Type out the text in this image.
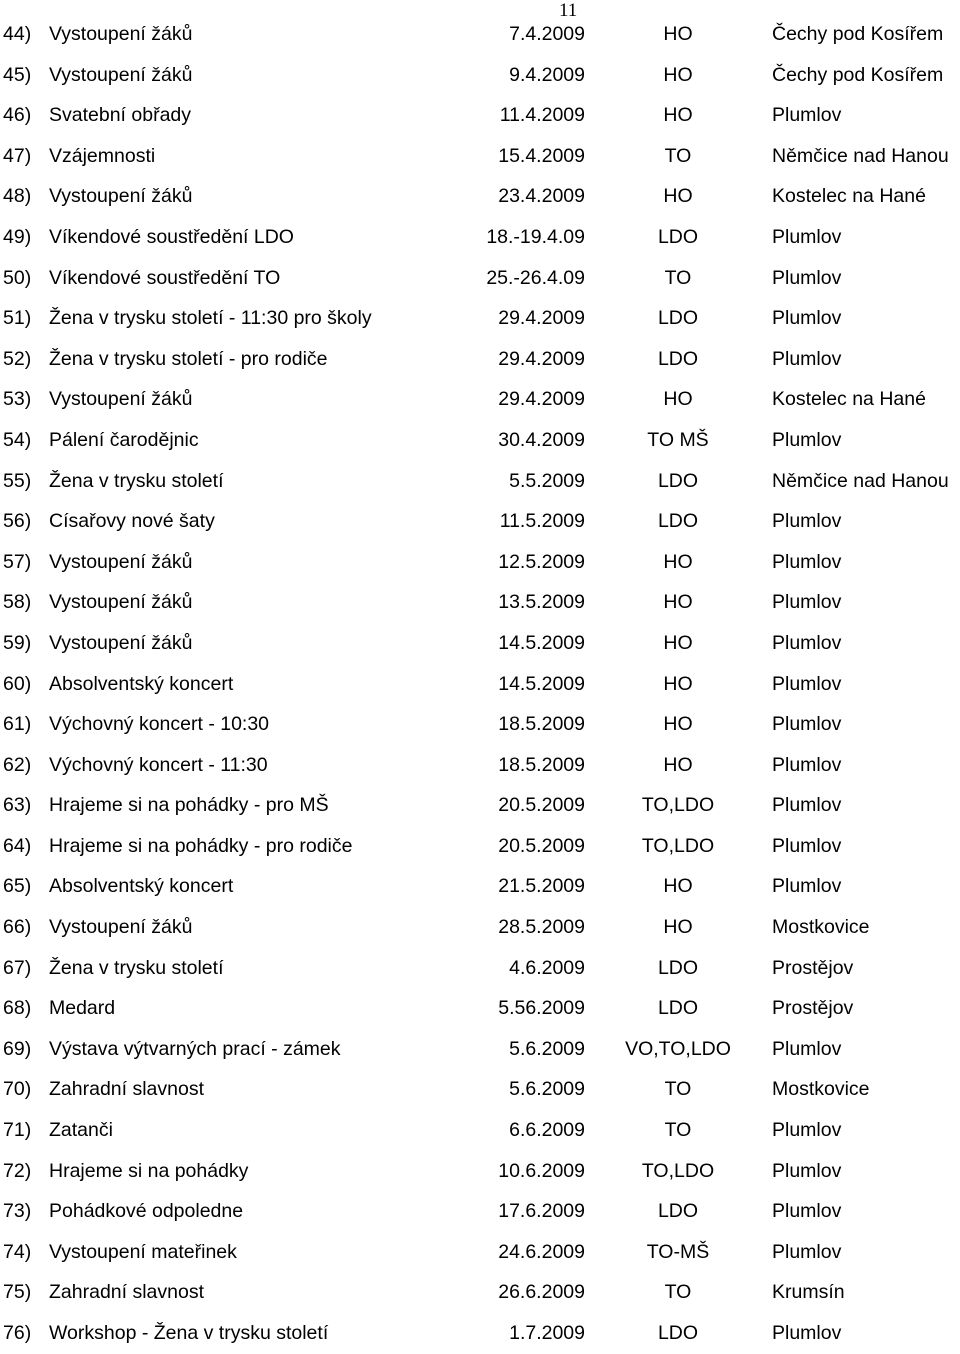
11
44) Vystoupení žáků	7.4.2009	HO	Čechy pod Kosířem
45) Vystoupení žáků	9.4.2009	HO	Čechy pod Kosířem
46) Svatební obřady	11.4.2009	HO	Plumlov
47) Vzájemnosti	15.4.2009	TO	Němčice nad Hanou
48) Vystoupení žáků	23.4.2009	HO	Kostelec na Hané
49) Víkendové soustředění LDO	18.-19.4.09	LDO	Plumlov
50) Víkendové soustředění TO	25.-26.4.09	TO	Plumlov
51) Žena v trysku století - 11:30 pro školy	29.4.2009	LDO	Plumlov
52) Žena v trysku století - pro rodiče	29.4.2009	LDO	Plumlov
53) Vystoupení žáků	29.4.2009	HO	Kostelec na Hané
54) Pálení čarodějnic	30.4.2009	TO MŠ	Plumlov
55) Žena v trysku století	5.5.2009	LDO	Němčice nad Hanou
56) Císařovy nové šaty	11.5.2009	LDO	Plumlov
57) Vystoupení žáků	12.5.2009	HO	Plumlov
58) Vystoupení žáků	13.5.2009	HO	Plumlov
59) Vystoupení žáků	14.5.2009	HO	Plumlov
60) Absolventský koncert	14.5.2009	HO	Plumlov
61) Výchovný koncert - 10:30	18.5.2009	HO	Plumlov
62) Výchovný koncert - 11:30	18.5.2009	HO	Plumlov
63) Hrajeme si na pohádky - pro MŠ	20.5.2009	TO,LDO	Plumlov
64) Hrajeme si na pohádky - pro rodiče	20.5.2009	TO,LDO	Plumlov
65) Absolventský koncert	21.5.2009	HO	Plumlov
66) Vystoupení žáků	28.5.2009	HO	Mostkovice
67) Žena v trysku století	4.6.2009	LDO	Prostějov
68) Medard	5.56.2009	LDO	Prostějov
69) Výstava výtvarných prací - zámek	5.6.2009	VO,TO,LDO	Plumlov
70) Zahradní slavnost	5.6.2009	TO	Mostkovice
71) Zatanči	6.6.2009	TO	Plumlov
72) Hrajeme si na pohádky	10.6.2009	TO,LDO	Plumlov
73) Pohádkové odpoledne	17.6.2009	LDO	Plumlov
74) Vystoupení mateřinek	24.6.2009	TO-MŠ	Plumlov
75) Zahradní slavnost	26.6.2009	TO	Krumsín
76) Workshop - Žena v trysku století	1.7.2009	LDO	Plumlov
